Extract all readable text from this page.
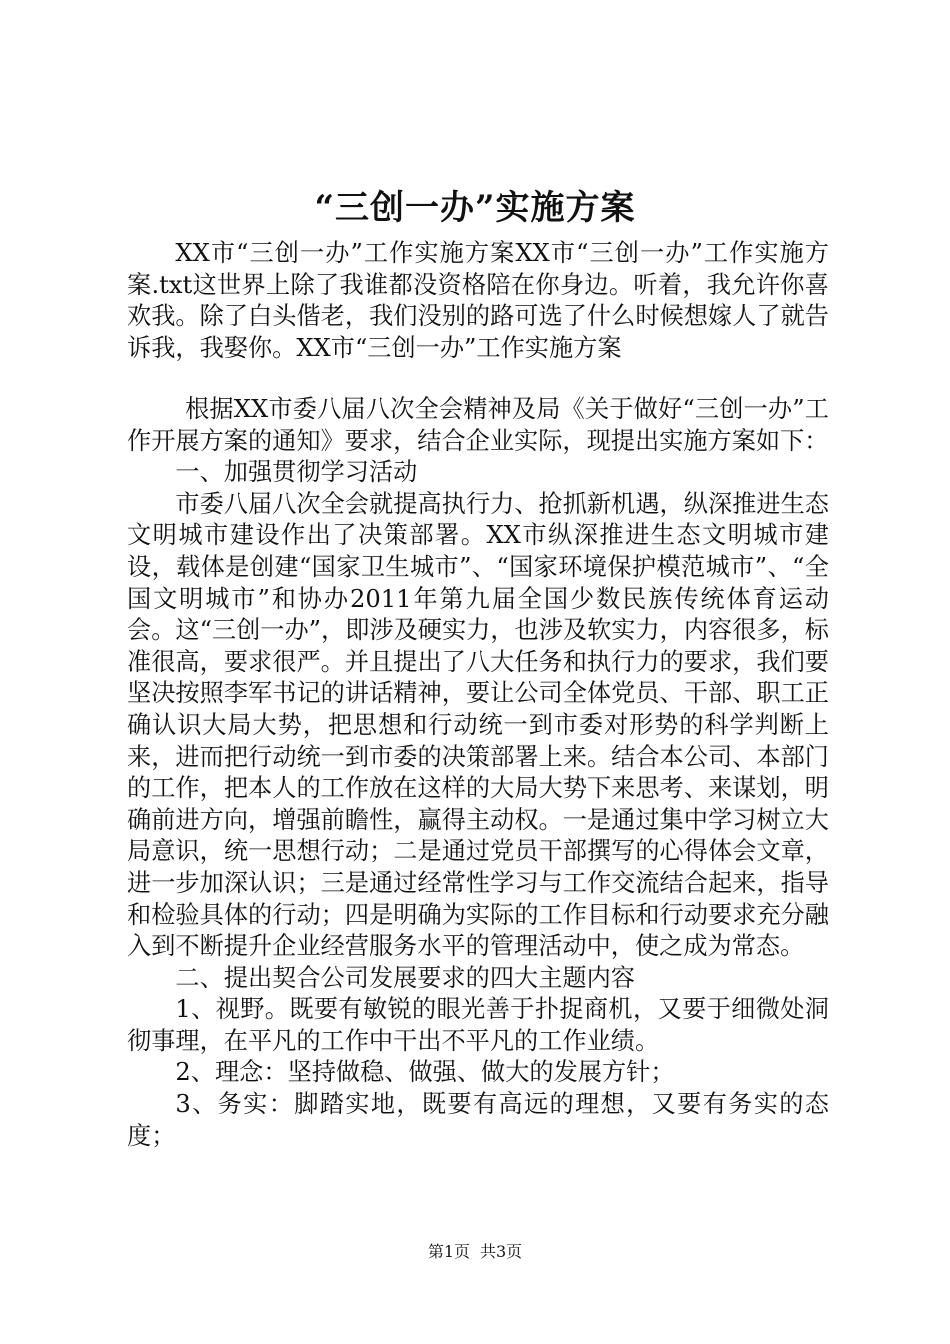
“三创一办”实施方案

XX市“三创一办”工作实施方案XX市“三创一办”工作实施方案.txt这世界上除了我谁都没资格陪在你身边。听着，我允许你喜欢我。除了白头偕老，我们没别的路可选了什么时候想嫁人了就告诉我，我娶你。XX市“三创一办”工作实施方案

根据XX市委八届八次全会精神及局《关于做好“三创一办”工作开展方案的通知》要求，结合企业实际，现提出实施方案如下：

一、加强贯彻学习活动

市委八届八次全会就提高执行力、抢抓新机遇，纵深推进生态文明城市建设作出了决策部署。XX市纵深推进生态文明城市建设，载体是创建“国家卫生城市”、“国家环境保护模范城市”、“全国文明城市”和协办2011年第九届全国少数民族传统体育运动会。这“三创一办”，即涉及硬实力，也涉及软实力，内容很多，标准很高，要求很严。并且提出了八大任务和执行力的要求，我们要坚决按照李军书记的讲话精神，要让公司全体党员、干部、职工正确认识大局大势，把思想和行动统一到市委对形势的科学判断上来，进而把行动统一到市委的决策部署上来。结合本公司、本部门的工作，把本人的工作放在这样的大局大势下来思考、来谋划，明确前进方向，增强前瞻性，赢得主动权。一是通过集中学习树立大局意识，统一思想行动；二是通过党员干部撰写的心得体会文章，进一步加深认识；三是通过经常性学习与工作交流结合起来，指导和检验具体的行动；四是明确为实际的工作目标和行动要求充分融入到不断提升企业经营服务水平的管理活动中，使之成为常态。

二、提出契合公司发展要求的四大主题内容

1、视野。既要有敏锐的眼光善于扑捉商机，又要于细微处洞彻事理，在平凡的工作中干出不平凡的工作业绩。

2、理念：坚持做稳、做强、做大的发展方针；

3、务实：脚踏实地，既要有高远的理想，又要有务实的态度；

第1页 共3页
